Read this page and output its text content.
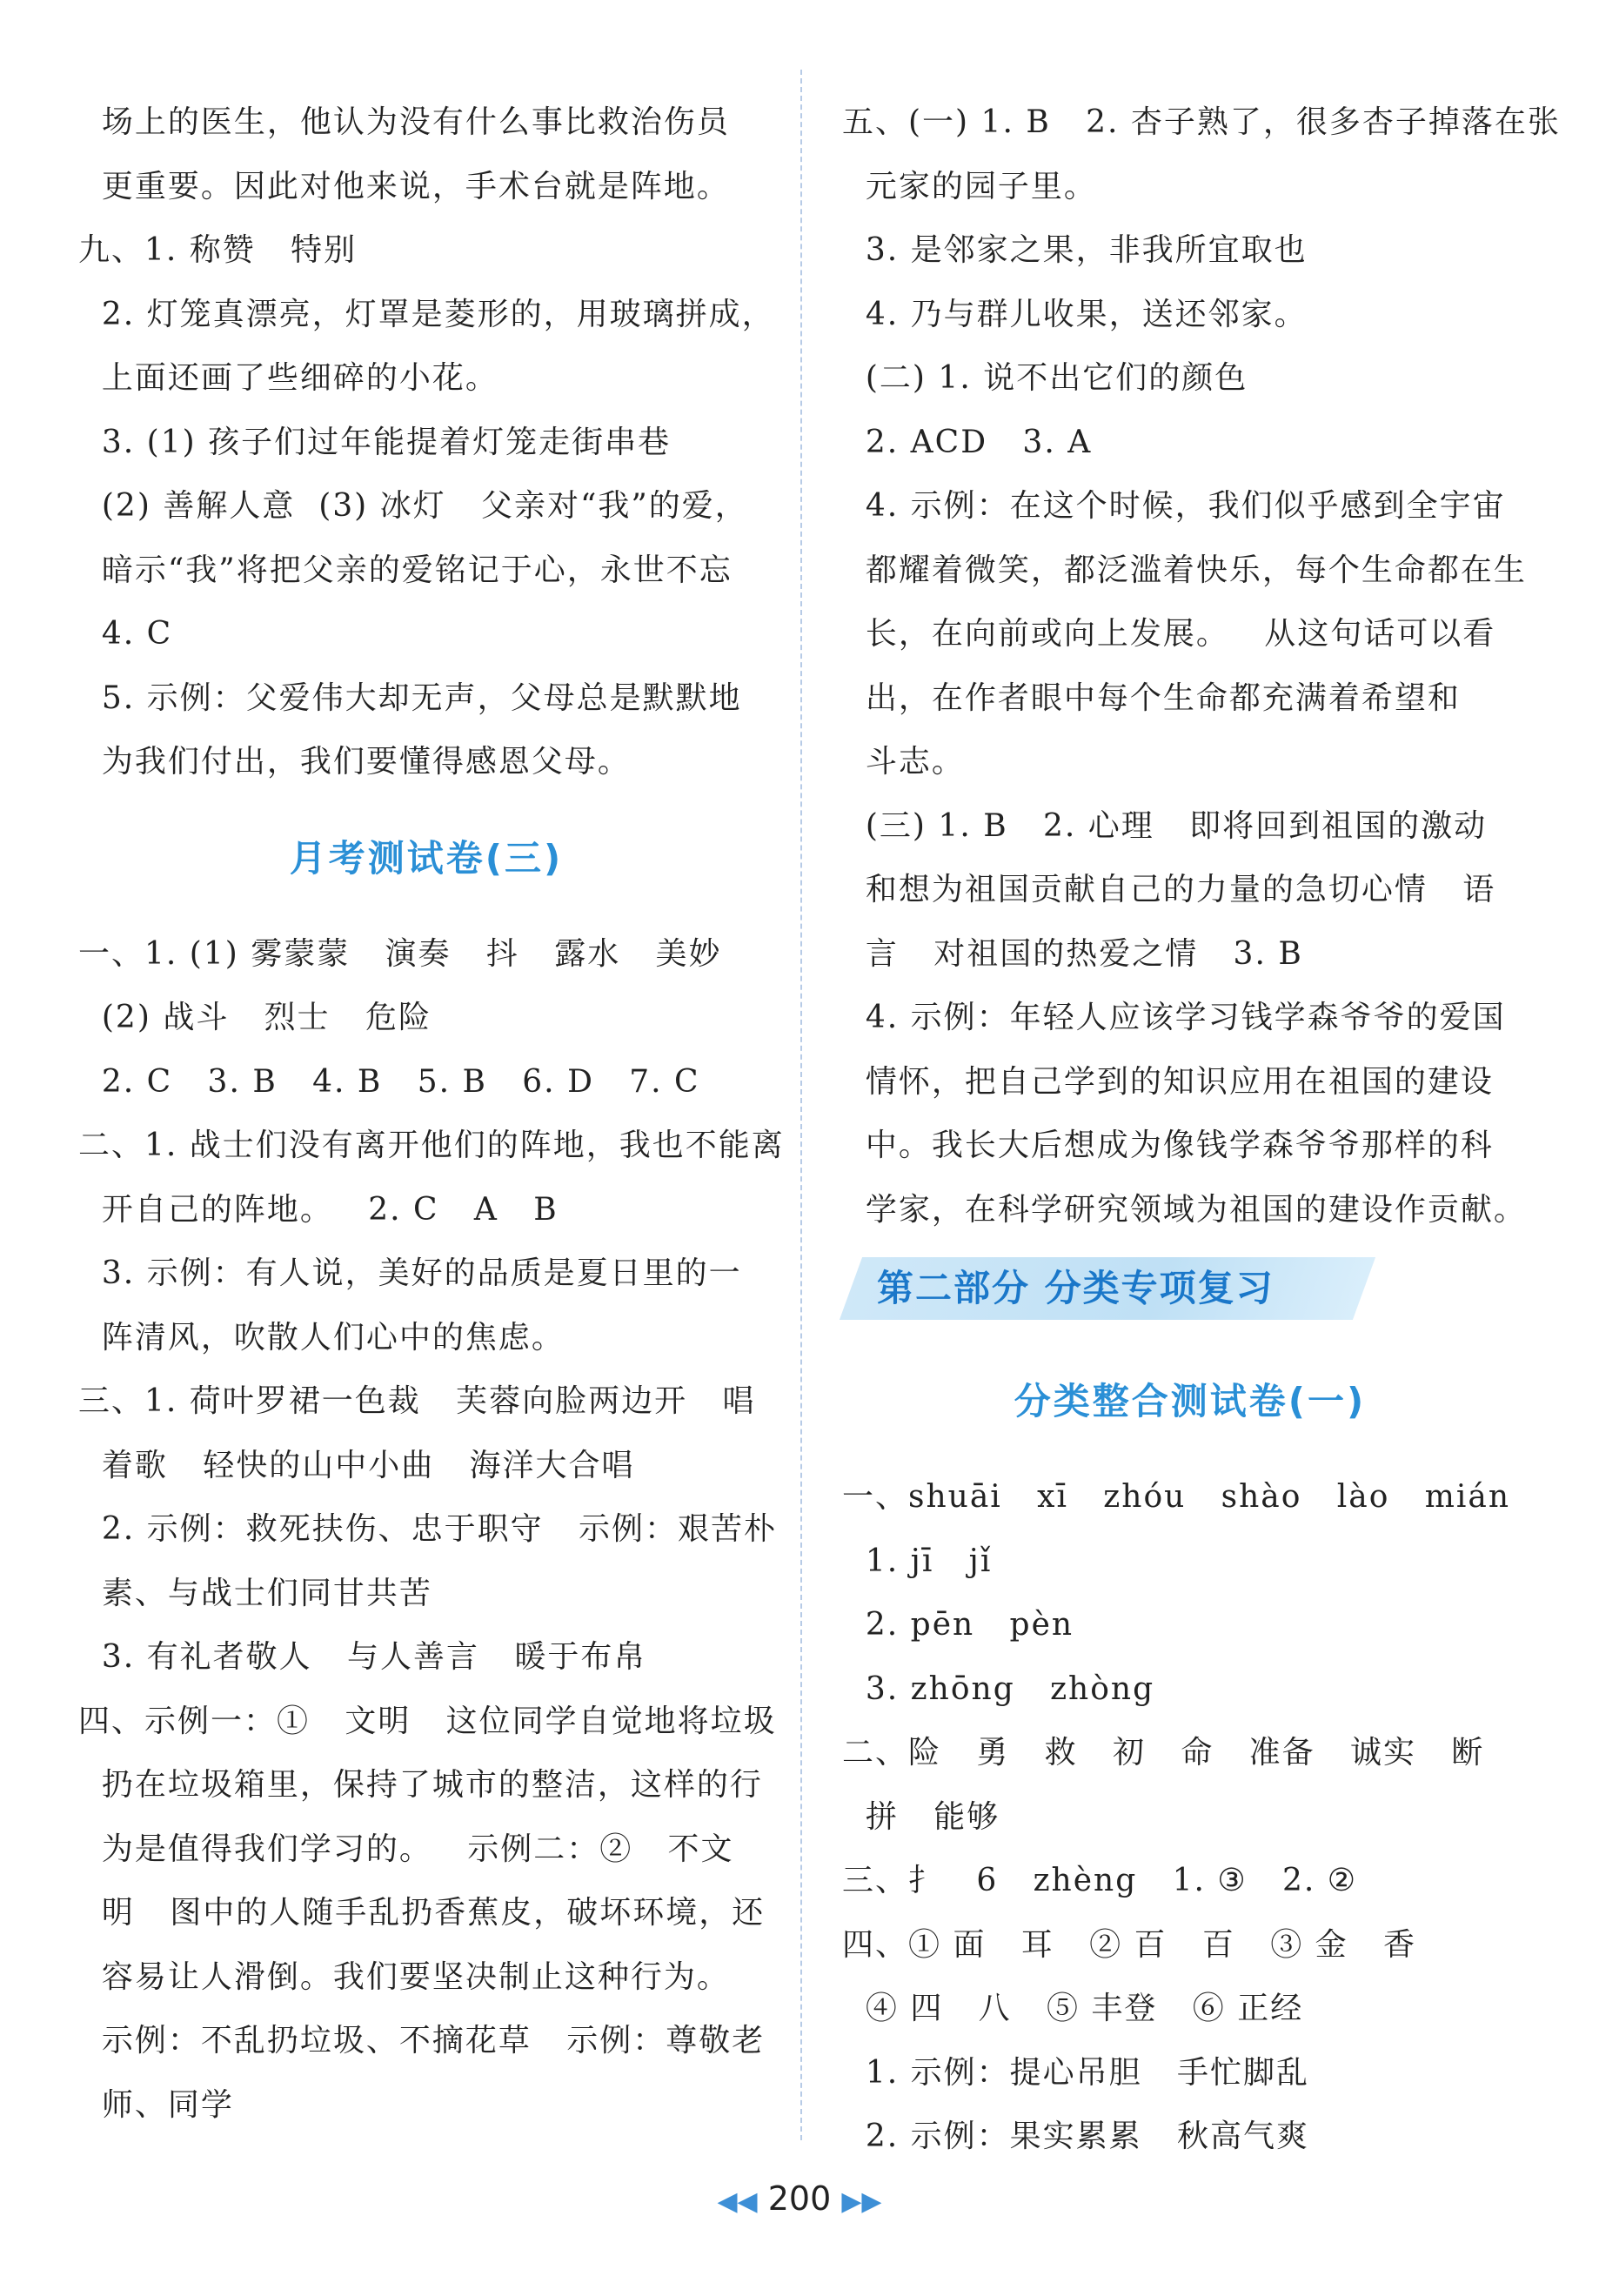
场上的医生，他认为没有什么事比救治伤员
更重要。因此对他来说，手术台就是阵地。
九、1. 称赞   特别
2. 灯笼真漂亮，灯罩是菱形的，用玻璃拼成，
上面还画了些细碎的小花。
3. (1) 孩子们过年能提着灯笼走街串巷
(2) 善解人意  (3) 冰灯   父亲对“我”的爱，
暗示“我”将把父亲的爱铭记于心，永世不忘
4. C
5. 示例：父爱伟大却无声，父母总是默默地
为我们付出，我们要懂得感恩父母。
月考测试卷(三)
一、1. (1) 雾蒙蒙   演奏   抖   露水   美妙
(2) 战斗   烈士   危险
2. C   3. B   4. B   5. B   6. D   7. C
二、1. 战士们没有离开他们的阵地，我也不能离
开自己的阵地。   2. C   A   B
3. 示例：有人说，美好的品质是夏日里的一
阵清风，吹散人们心中的焦虑。
三、1. 荷叶罗裙一色裁   芙蓉向脸两边开   唱
着歌   轻快的山中小曲   海洋大合唱
2. 示例：救死扶伤、忠于职守   示例：艰苦朴
素、与战士们同甘共苦
3. 有礼者敬人   与人善言   暖于布帛
四、示例一：①   文明   这位同学自觉地将垃圾
扔在垃圾箱里，保持了城市的整洁，这样的行
为是值得我们学习的。   示例二：②   不文
明   图中的人随手乱扔香蕉皮，破坏环境，还
容易让人滑倒。我们要坚决制止这种行为。
示例：不乱扔垃圾、不摘花草   示例：尊敬老
师、同学
五、(一) 1. B   2. 杏子熟了，很多杏子掉落在张
元家的园子里。
3. 是邻家之果，非我所宜取也
4. 乃与群儿收果，送还邻家。
(二) 1. 说不出它们的颜色
2. ACD   3. A
4. 示例：在这个时候，我们似乎感到全宇宙
都耀着微笑，都泛滥着快乐，每个生命都在生
长，在向前或向上发展。   从这句话可以看
出，在作者眼中每个生命都充满着希望和
斗志。
(三) 1. B   2. 心理   即将回到祖国的激动
和想为祖国贡献自己的力量的急切心情   语
言   对祖国的热爱之情   3. B
4. 示例：年轻人应该学习钱学森爷爷的爱国
情怀，把自己学到的知识应用在祖国的建设
中。我长大后想成为像钱学森爷爷那样的科
学家，在科学研究领域为祖国的建设作贡献。
第二部分 分类专项复习
分类整合测试卷(一)
一、shuāi   xī   zhóu   shào   lào   mián
1. jī   jǐ
2. pēn   pèn
3. zhōng   zhòng
二、险   勇   救   初   命   准备   诚实   断
拼   能够
三、扌   6   zhèng   1. ③   2. ②
四、① 面   耳   ② 百   百   ③ 金   香
④ 四   八   ⑤ 丰登   ⑥ 正经
1. 示例：提心吊胆   手忙脚乱
2. 示例：果实累累   秋高气爽
◀◀ 200 ▶▶
